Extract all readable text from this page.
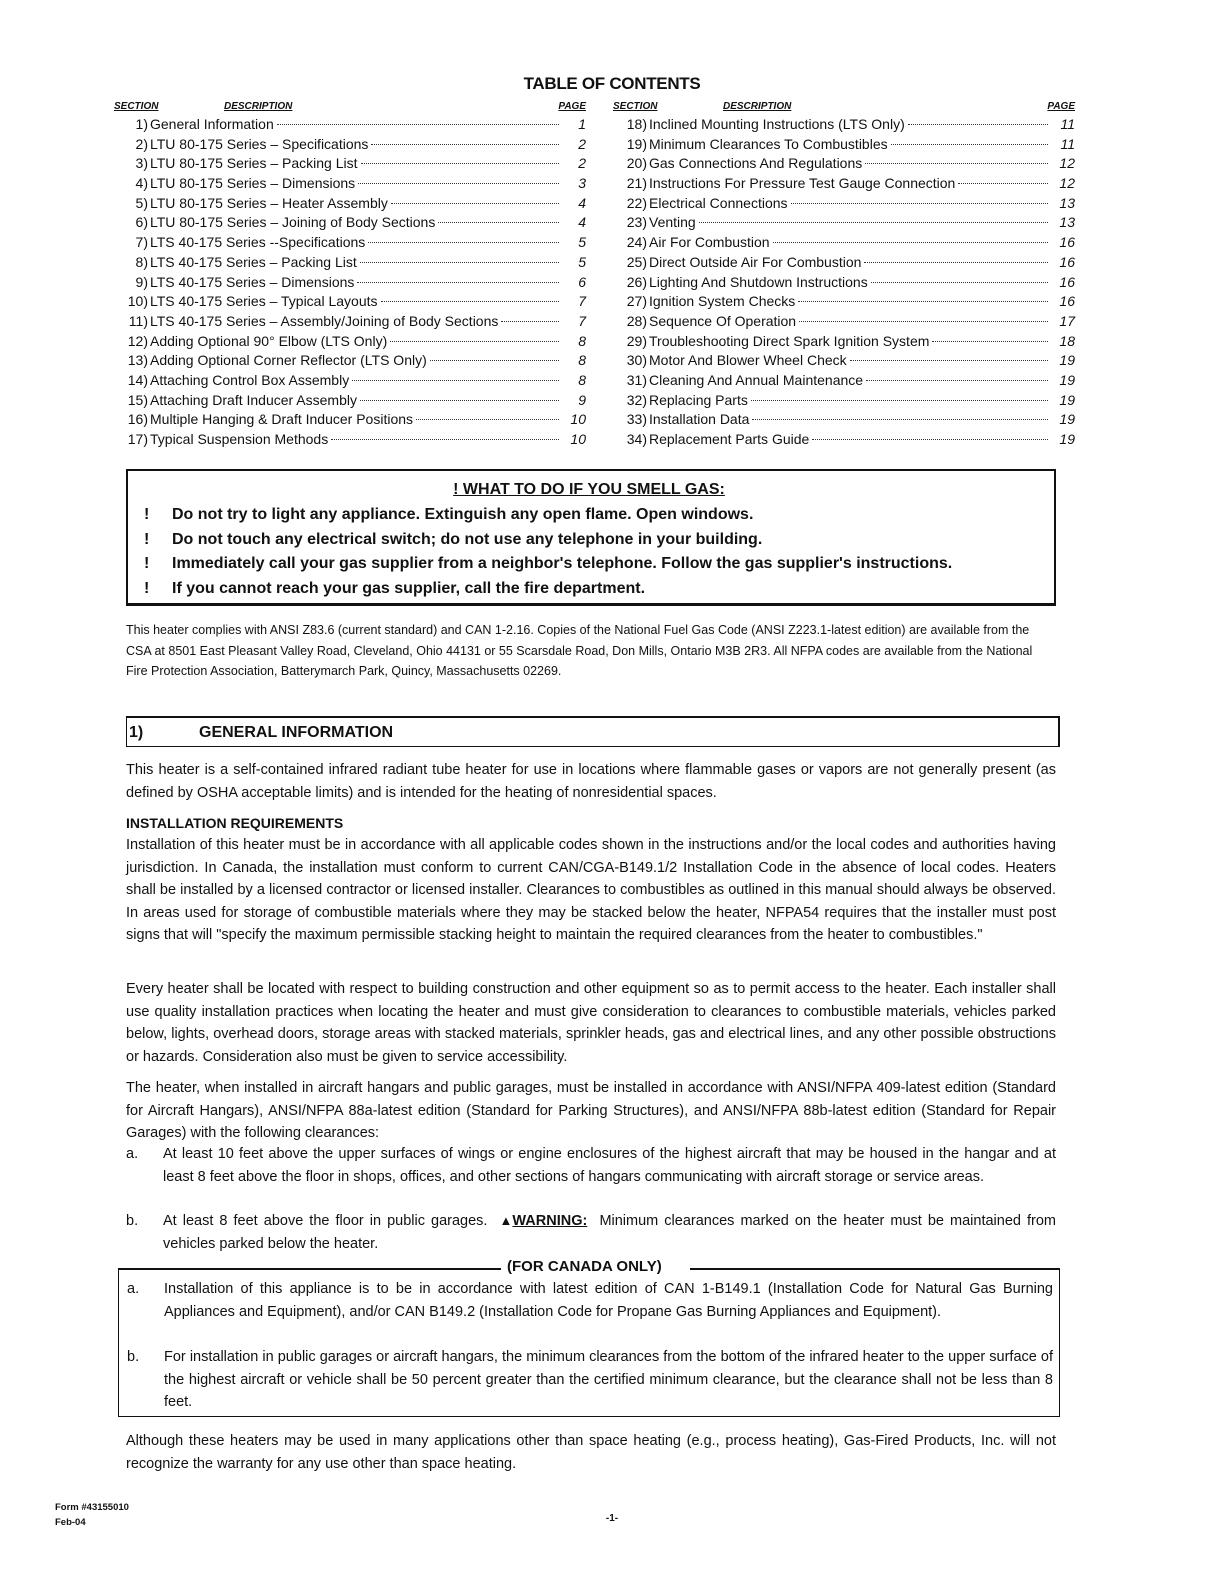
TABLE OF CONTENTS
SECTION	DESCRIPTION	PAGE
1) General Information	1
2) LTU 80-175 Series – Specifications	2
3) LTU 80-175 Series – Packing List	2
4) LTU 80-175 Series – Dimensions	3
5) LTU 80-175 Series – Heater Assembly	4
6) LTU 80-175 Series – Joining of Body Sections	4
7) LTS 40-175 Series --Specifications	5
8) LTS 40-175 Series – Packing List	5
9) LTS 40-175 Series – Dimensions	6
10) LTS 40-175 Series – Typical Layouts	7
11) LTS 40-175 Series – Assembly/Joining of Body Sections	7
12) Adding Optional 90° Elbow (LTS Only)	8
13) Adding Optional Corner Reflector (LTS Only)	8
14) Attaching Control Box Assembly	8
15) Attaching Draft Inducer Assembly	9
16) Multiple Hanging & Draft Inducer Positions	10
17) Typical Suspension Methods	10
SECTION	DESCRIPTION	PAGE
18) Inclined Mounting Instructions (LTS Only)	11
19) Minimum Clearances To Combustibles	11
20) Gas Connections And Regulations	12
21) Instructions For Pressure Test Gauge Connection	12
22) Electrical Connections	13
23) Venting	13
24) Air For Combustion	16
25) Direct Outside Air For Combustion	16
26) Lighting And Shutdown Instructions	16
27) Ignition System Checks	16
28) Sequence Of Operation	17
29) Troubleshooting Direct Spark Ignition System	18
30) Motor And Blower Wheel Check	19
31) Cleaning And Annual Maintenance	19
32) Replacing Parts	19
33) Installation Data	19
34) Replacement Parts Guide	19
! WHAT TO DO IF YOU SMELL GAS:
!	Do not try to light any appliance. Extinguish any open flame. Open windows.
!	Do not touch any electrical switch; do not use any telephone in your building.
!	Immediately call your gas supplier from a neighbor's telephone. Follow the gas supplier's instructions.
!	If you cannot reach your gas supplier, call the fire department.
This heater complies with ANSI Z83.6 (current standard) and CAN 1-2.16. Copies of the National Fuel Gas Code (ANSI Z223.1-latest edition) are available from the CSA at 8501 East Pleasant Valley Road, Cleveland, Ohio 44131 or 55 Scarsdale Road, Don Mills, Ontario M3B 2R3. All NFPA codes are available from the National Fire Protection Association, Batterymarch Park, Quincy, Massachusetts 02269.
1)	GENERAL INFORMATION
This heater is a self-contained infrared radiant tube heater for use in locations where flammable gases or vapors are not generally present (as defined by OSHA acceptable limits) and is intended for the heating of nonresidential spaces.
INSTALLATION REQUIREMENTS
Installation of this heater must be in accordance with all applicable codes shown in the instructions and/or the local codes and authorities having jurisdiction. In Canada, the installation must conform to current CAN/CGA-B149.1/2 Installation Code in the absence of local codes. Heaters shall be installed by a licensed contractor or licensed installer. Clearances to combustibles as outlined in this manual should always be observed. In areas used for storage of combustible materials where they may be stacked below the heater, NFPA54 requires that the installer must post signs that will "specify the maximum permissible stacking height to maintain the required clearances from the heater to combustibles."
Every heater shall be located with respect to building construction and other equipment so as to permit access to the heater. Each installer shall use quality installation practices when locating the heater and must give consideration to clearances to combustible materials, vehicles parked below, lights, overhead doors, storage areas with stacked materials, sprinkler heads, gas and electrical lines, and any other possible obstructions or hazards. Consideration also must be given to service accessibility.
The heater, when installed in aircraft hangars and public garages, must be installed in accordance with ANSI/NFPA 409-latest edition (Standard for Aircraft Hangars), ANSI/NFPA 88a-latest edition (Standard for Parking Structures), and ANSI/NFPA 88b-latest edition (Standard for Repair Garages) with the following clearances:
a.	At least 10 feet above the upper surfaces of wings or engine enclosures of the highest aircraft that may be housed in the hangar and at least 8 feet above the floor in shops, offices, and other sections of hangars communicating with aircraft storage or service areas.
b.	At least 8 feet above the floor in public garages. ▲WARNING: Minimum clearances marked on the heater must be maintained from vehicles parked below the heater.
a.	Installation of this appliance is to be in accordance with latest edition of CAN 1-B149.1 (Installation Code for Natural Gas Burning Appliances and Equipment), and/or CAN B149.2 (Installation Code for Propane Gas Burning Appliances and Equipment).
b.	For installation in public garages or aircraft hangars, the minimum clearances from the bottom of the infrared heater to the upper surface of the highest aircraft or vehicle shall be 50 percent greater than the certified minimum clearance, but the clearance shall not be less than 8 feet.
(FOR CANADA ONLY)
Although these heaters may be used in many applications other than space heating (e.g., process heating), Gas-Fired Products, Inc. will not recognize the warranty for any use other than space heating.
Form #43155010
Feb-04	-1-
